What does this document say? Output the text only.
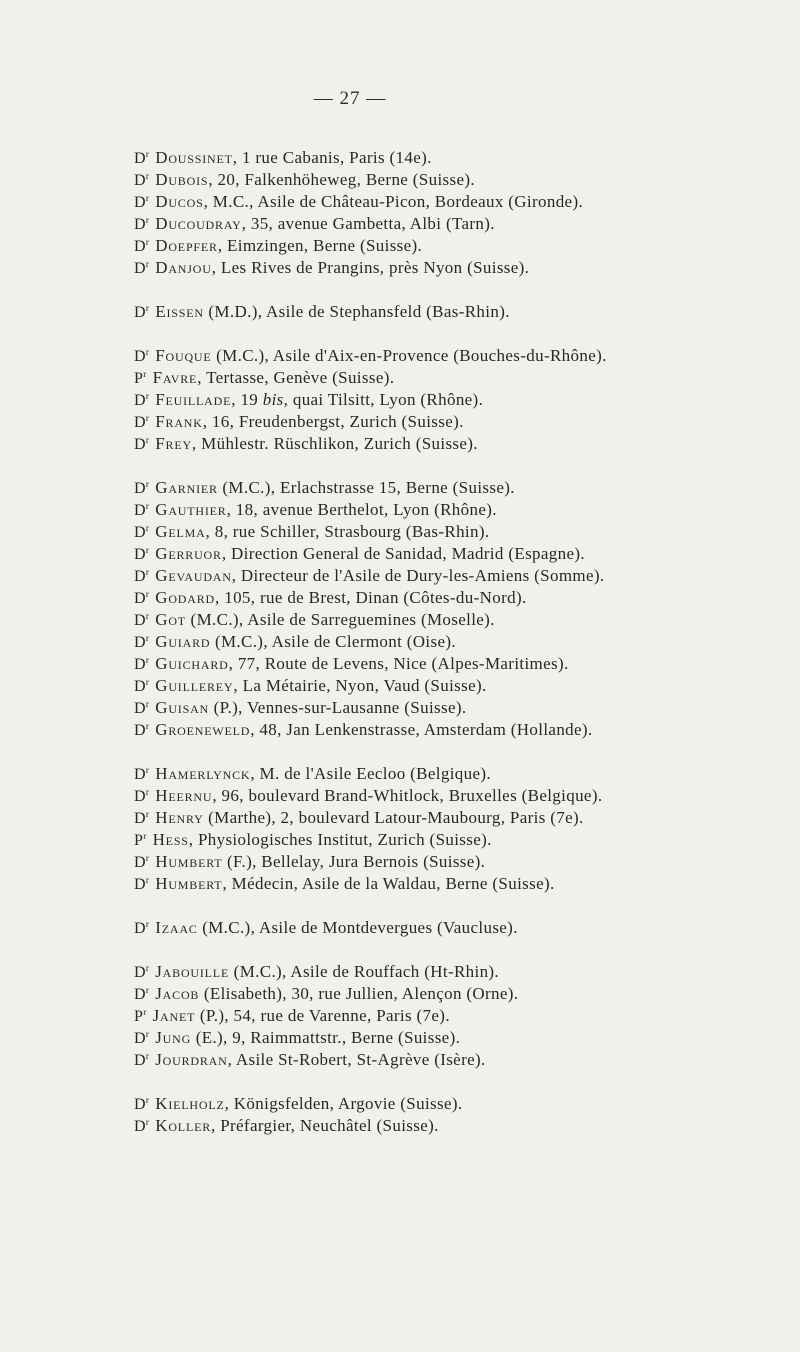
— 27 —
$D^r$ Doussinet, 1 rue Cabanis, Paris (14e).
$D^r$ Dubois, 20, Falkenhöheweg, Berne (Suisse).
$D^r$ Ducos, M.C., Asile de Château-Picon, Bordeaux (Gironde).
$D^r$ Ducoudray, 35, avenue Gambetta, Albi (Tarn).
$D^r$ Doepfer, Eimzingen, Berne (Suisse).
$D^r$ Danjou, Les Rives de Prangins, près Nyon (Suisse).
$D^r$ Eissen (M.D.), Asile de Stephansfeld (Bas-Rhin).
$D^r$ Fouque (M.C.), Asile d'Aix-en-Provence (Bouches-du-Rhône).
$P^r$ Favre, Tertasse, Genève (Suisse).
$D^r$ Feuillade, 19 bis, quai Tilsitt, Lyon (Rhône).
$D^r$ Frank, 16, Freudenbergst, Zurich (Suisse).
$D^r$ Frey, Mühlestr. Rüschlikon, Zurich (Suisse).
$D^r$ Garnier (M.C.), Erlachstrasse 15, Berne (Suisse).
$D^r$ Gauthier, 18, avenue Berthelot, Lyon (Rhône).
$D^r$ Gelma, 8, rue Schiller, Strasbourg (Bas-Rhin).
$D^r$ Gerruor, Direction General de Sanidad, Madrid (Espagne).
$D^r$ Gevaudan, Directeur de l'Asile de Dury-les-Amiens (Somme).
$D^r$ Godard, 105, rue de Brest, Dinan (Côtes-du-Nord).
$D^r$ Got (M.C.), Asile de Sarreguemines (Moselle).
$D^r$ Guiard (M.C.), Asile de Clermont (Oise).
$D^r$ Guichard, 77, Route de Levens, Nice (Alpes-Maritimes).
$D^r$ Guillerey, La Métairie, Nyon, Vaud (Suisse).
$D^r$ Guisan (P.), Vennes-sur-Lausanne (Suisse).
$D^r$ Groeneweld, 48, Jan Lenkenstrasse, Amsterdam (Hollande).
$D^r$ Hamerlynck, M. de l'Asile Eecloo (Belgique).
$D^r$ Heernu, 96, boulevard Brand-Whitlock, Bruxelles (Belgique).
$D^r$ Henry (Marthe), 2, boulevard Latour-Maubourg, Paris (7e).
$P^r$ Hess, Physiologisches Institut, Zurich (Suisse).
$D^r$ Humbert (F.), Bellelay, Jura Bernois (Suisse).
$D^r$ Humbert, Médecin, Asile de la Waldau, Berne (Suisse).
$D^r$ Izaac (M.C.), Asile de Montdevergues (Vaucluse).
$D^r$ Jabouille (M.C.), Asile de Rouffach (Ht-Rhin).
$D^r$ Jacob (Elisabeth), 30, rue Jullien, Alençon (Orne).
$P^r$ Janet (P.), 54, rue de Varenne, Paris (7e).
$D^r$ Jung (E.), 9, Raimmattstr., Berne (Suisse).
$D^r$ Jourdran, Asile St-Robert, St-Agrève (Isère).
$D^r$ Kielholz, Königsfelden, Argovie (Suisse).
$D^r$ Koller, Préfargier, Neuchâtel (Suisse).
